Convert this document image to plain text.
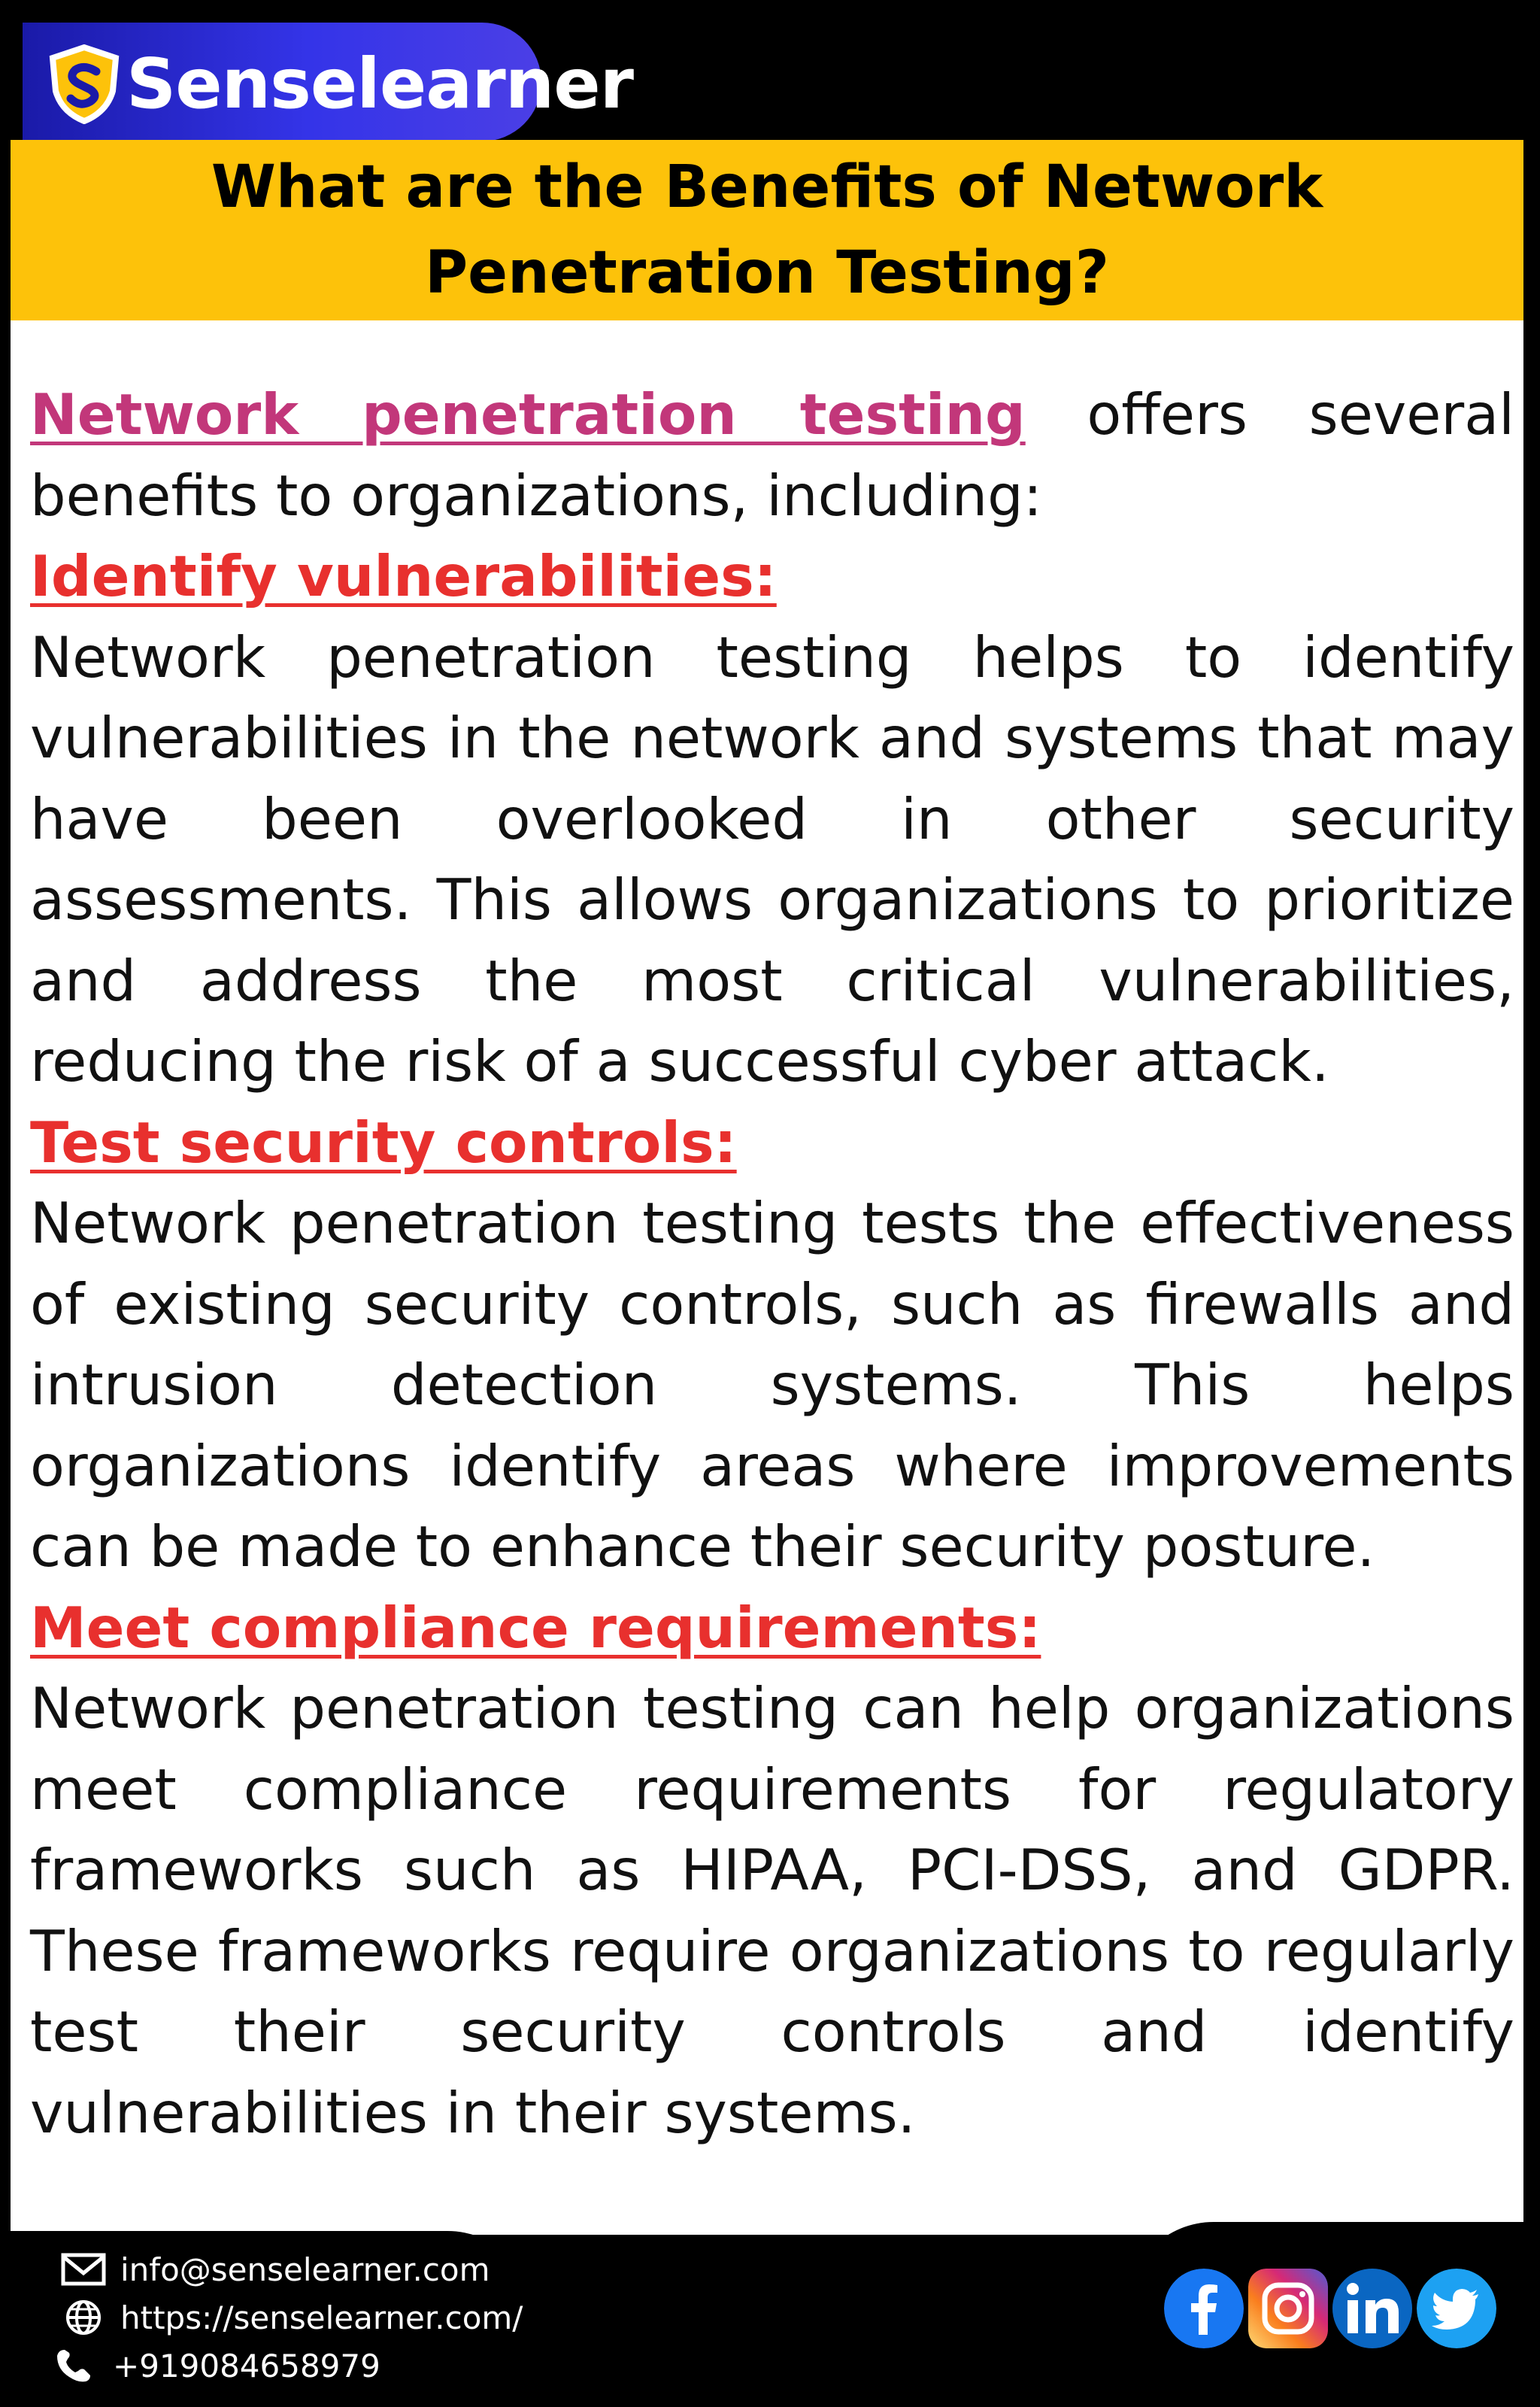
Senselearner
What are the Benefits of Network Penetration Testing?

Network penetration testing offers several benefits to organizations, including:

Identify vulnerabilities:

Network penetration testing helps to identify vulnerabilities in the network and systems that may have been overlooked in other security assessments. This allows organizations to prioritize and address the most critical vulnerabilities, reducing the risk of a successful cyber attack.

Test security controls:

Network penetration testing tests the effectiveness of existing security controls, such as firewalls and intrusion detection systems. This helps organizations identify areas where improvements can be made to enhance their security posture.

Meet compliance requirements:

Network penetration testing can help organizations meet compliance requirements for regulatory frameworks such as HIPAA, PCI-DSS, and GDPR. These frameworks require organizations to regularly test their security controls and identify vulnerabilities in their systems.

info@senselearner.com
https://senselearner.com/
+919084658979
